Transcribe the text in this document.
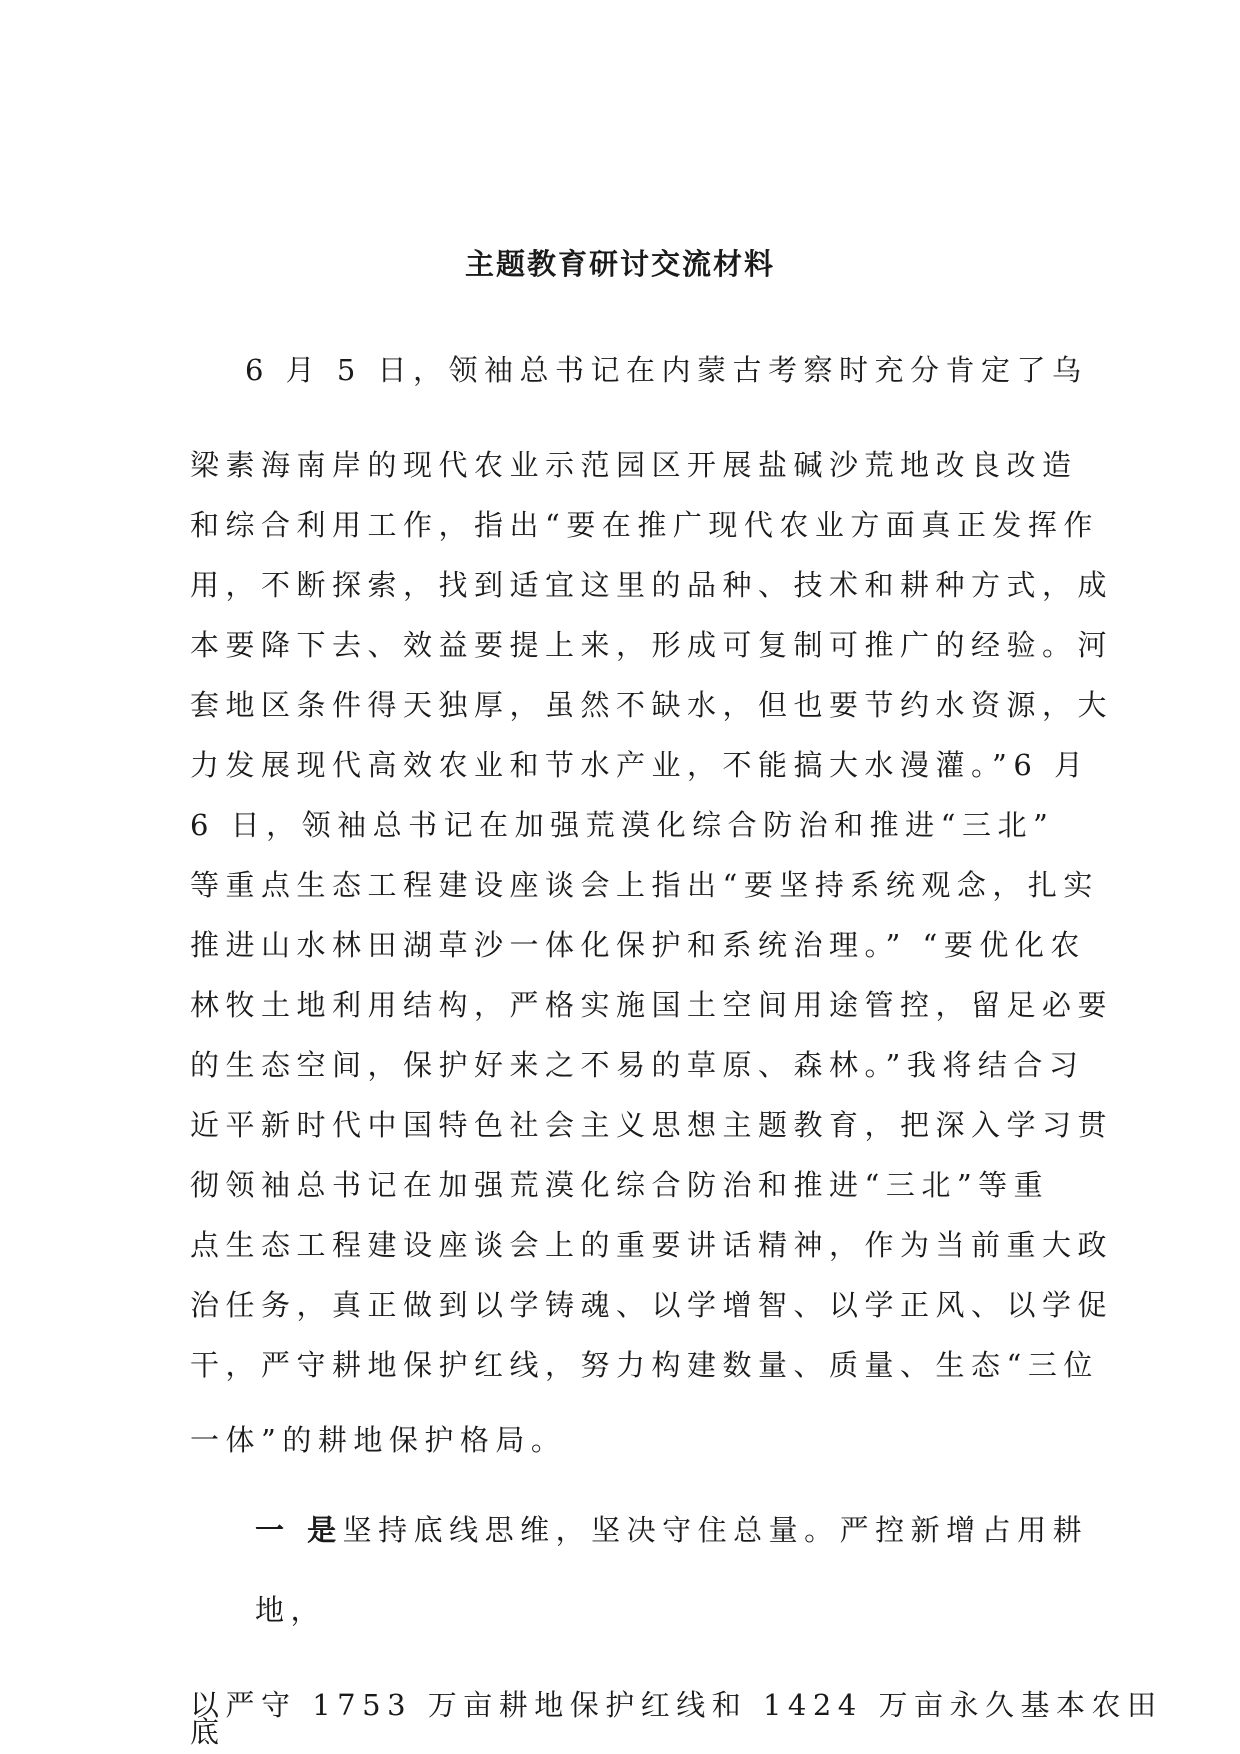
主题教育研讨交流材料

6 月 5 日，领袖总书记在内蒙古考察时充分肯定了乌

梁素海南岸的现代农业示范园区开展盐碱沙荒地改良改造

和综合利用工作，指出“要在推广现代农业方面真正发挥作

用，不断探索，找到适宜这里的品种、技术和耕种方式，成

本要降下去、效益要提上来，形成可复制可推广的经验。河

套地区条件得天独厚，虽然不缺水，但也要节约水资源，大

力发展现代高效农业和节水产业，不能搞大水漫灌。”6 月

6 日，领袖总书记在加强荒漠化综合防治和推进“三北”

等重点生态工程建设座谈会上指出“要坚持系统观念，扎实

推进山水林田湖草沙一体化保护和系统治理。” “要优化农

林牧土地利用结构，严格实施国土空间用途管控，留足必要

的生态空间，保护好来之不易的草原、森林。”我将结合习

近平新时代中国特色社会主义思想主题教育，把深入学习贯

彻领袖总书记在加强荒漠化综合防治和推进“三北”等重

点生态工程建设座谈会上的重要讲话精神，作为当前重大政

治任务，真正做到以学铸魂、以学增智、以学正风、以学促

干，严守耕地保护红线，努力构建数量、质量、生态“三位

一体”的耕地保护格局。

一 是坚持底线思维，坚决守住总量。严控新增占用耕

地，

以严守 1753 万亩耕地保护红线和 1424 万亩永久基本农田

底
